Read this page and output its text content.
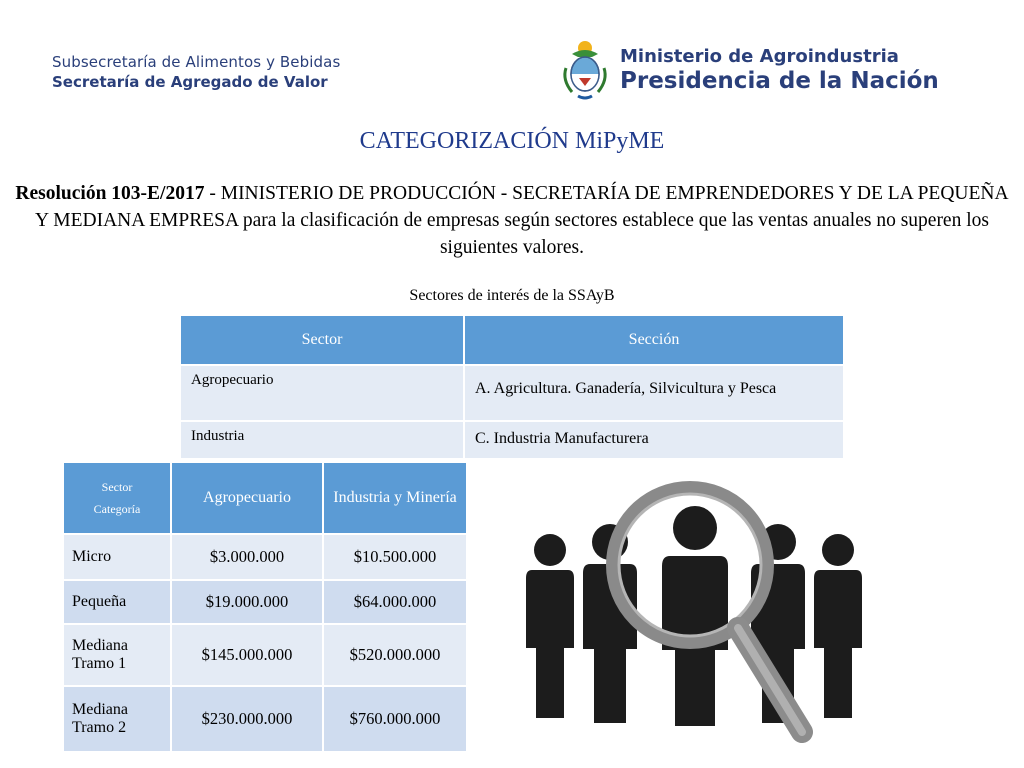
Subsecretaría de Alimentos y Bebidas
Secretaría de Agregado de Valor
Ministerio de Agroindustria
Presidencia de la Nación
CATEGORIZACIÓN MiPyME
Resolución 103-E/2017 - MINISTERIO DE PRODUCCIÓN - SECRETARÍA DE EMPRENDEDORES Y DE LA PEQUEÑA Y MEDIANA EMPRESA para la clasificación de empresas según sectores establece que las ventas anuales no superen los siguientes valores.
Sectores de interés de la SSAyB
Sector	Sección
Agropecuario	A. Agricultura. Ganadería, Silvicultura y Pesca
Industria	C. Industria Manufacturera
Sector
Categoría	Agropecuario	Industria y Minería
Micro	$3.000.000	$10.500.000
Pequeña	$19.000.000	$64.000.000
Mediana Tramo 1	$145.000.000	$520.000.000
Mediana Tramo 2	$230.000.000	$760.000.000
